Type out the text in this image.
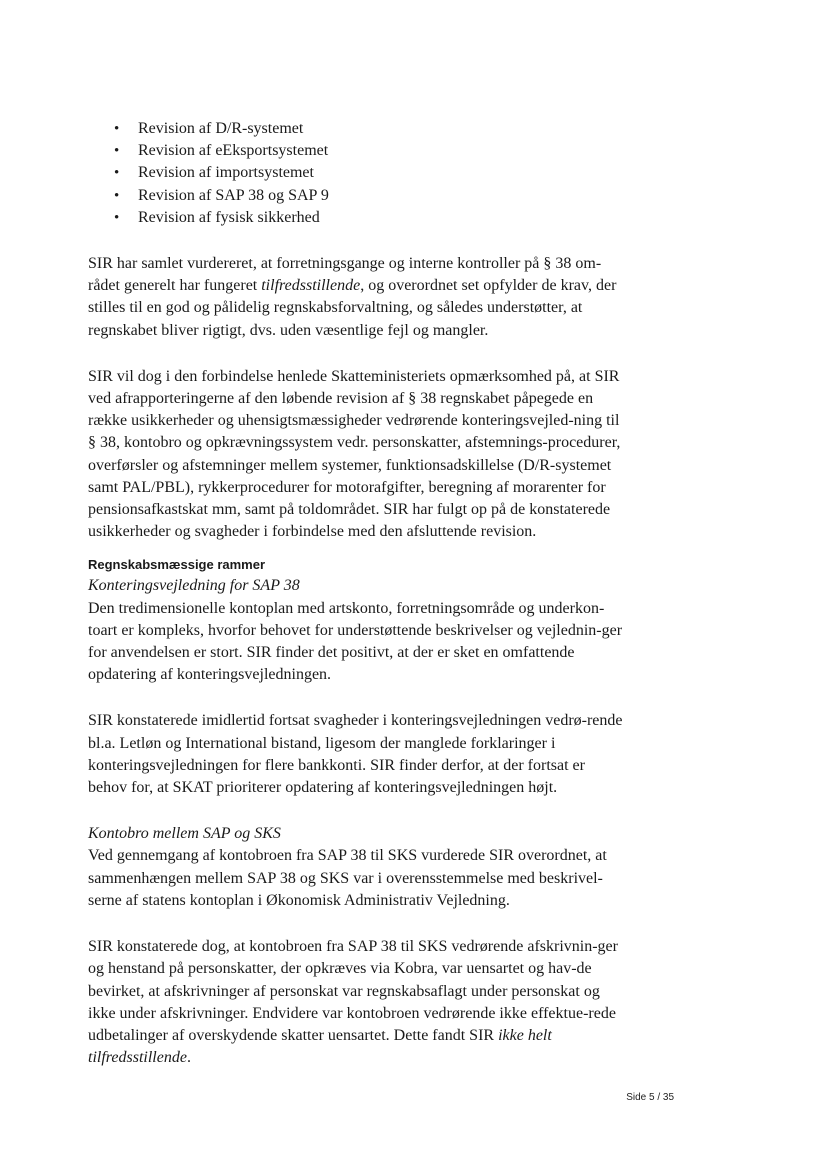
• Revision af D/R-systemet
• Revision af eEksportsystemet
• Revision af importsystemet
• Revision af SAP 38 og SAP 9
• Revision af fysisk sikkerhed

SIR har samlet vurdereret, at forretningsgange og interne kontroller på § 38 om-rådet generelt har fungeret tilfredsstillende, og overordnet set opfylder de krav, der stilles til en god og pålidelig regnskabsforvaltning, og således understøtter, at regnskabet bliver rigtigt, dvs. uden væsentlige fejl og mangler.

SIR vil dog i den forbindelse henlede Skatteministeriets opmærksomhed på, at SIR ved afrapporteringerne af den løbende revision af § 38 regnskabet påpegede en række usikkerheder og uhensigtsmæssigheder vedrørende konteringsvejled-ning til § 38, kontobro og opkrævningssystem vedr. personskatter, afstemnings-procedurer, overførsler og afstemninger mellem systemer, funktionsadskillelse (D/R-systemet samt PAL/PBL), rykkerprocedurer for motorafgifter, beregning af morarenter for pensionsafkastskat mm, samt på toldområdet. SIR har fulgt op på de konstaterede usikkerheder og svagheder i forbindelse med den afsluttende revision.

Regnskabsmæssige rammer
Konteringsvejledning for SAP 38

Den tredimensionelle kontoplan med artskonto, forretningsområde og underkon-toart er kompleks, hvorfor behovet for understøttende beskrivelser og vejlednin-ger for anvendelsen er stort. SIR finder det positivt, at der er sket en omfattende opdatering af konteringsvejledningen.

SIR konstaterede imidlertid fortsat svagheder i konteringsvejledningen vedrø-rende bl.a. Letløn og International bistand, ligesom der manglede forklaringer i konteringsvejledningen for flere bankkonti. SIR finder derfor, at der fortsat er behov for, at SKAT prioriterer opdatering af konteringsvejledningen højt.

Kontobro mellem SAP og SKS

Ved gennemgang af kontobroen fra SAP 38 til SKS vurderede SIR overordnet, at sammenhængen mellem SAP 38 og SKS var i overensstemmelse med beskrivel-serne af statens kontoplan i Økonomisk Administrativ Vejledning.

SIR konstaterede dog, at kontobroen fra SAP 38 til SKS vedrørende afskrivnin-ger og henstand på personskatter, der opkræves via Kobra, var uensartet og hav-de bevirket, at afskrivninger af personskat var regnskabsaflagt under personskat og ikke under afskrivninger. Endvidere var kontobroen vedrørende ikke effektue-rede udbetalinger af overskydende skatter uensartet. Dette fandt SIR ikke helt tilfredsstillende.

Side 5 / 35
